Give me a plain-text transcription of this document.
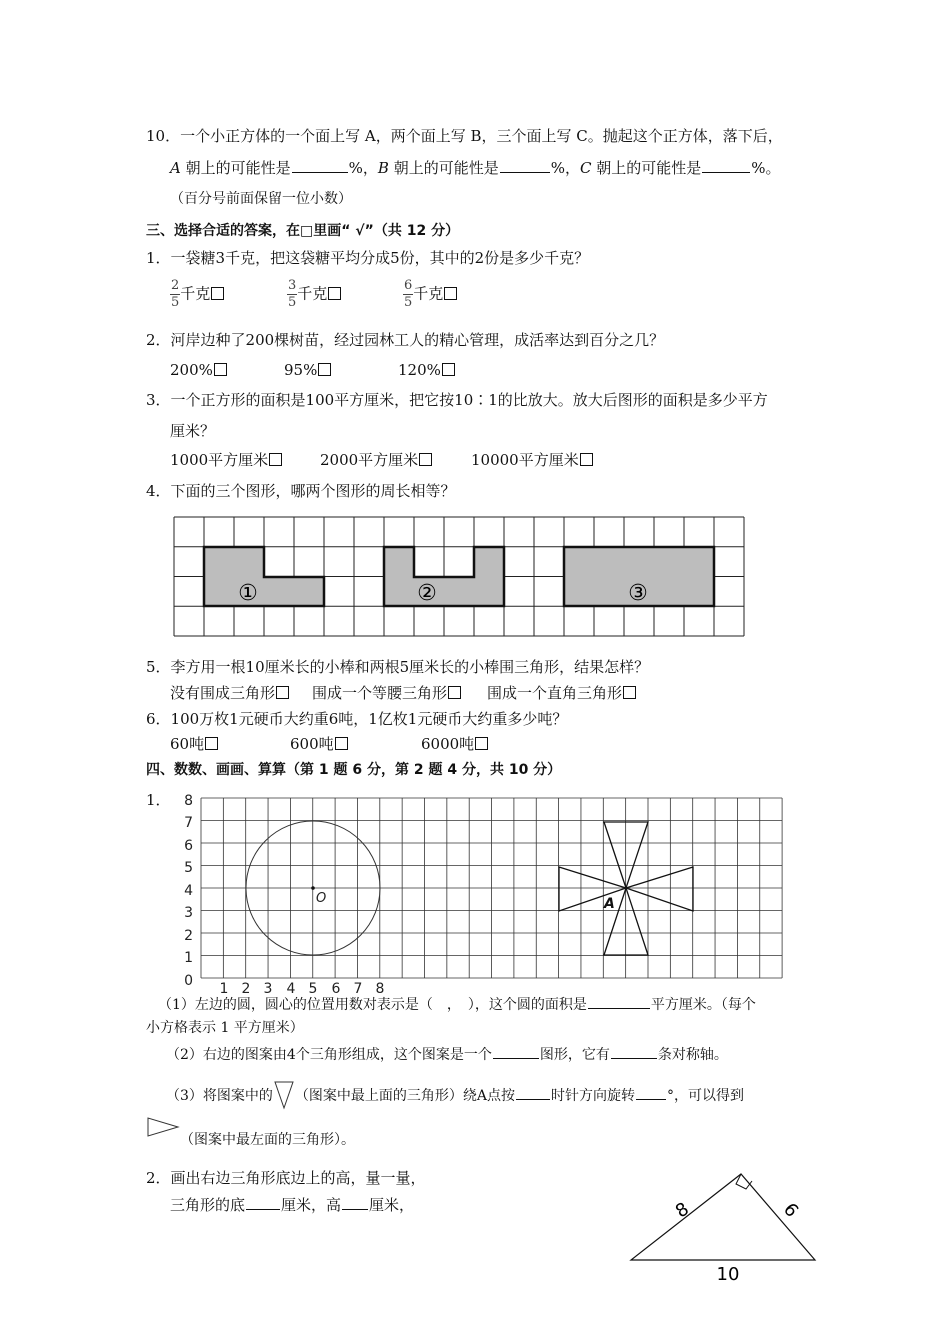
10．一个小正方体的一个面上写 A，两个面上写 B，三个面上写 C。抛起这个正方体，落下后，
A 朝上的可能性是	%，B 朝上的可能性是	%，C 朝上的可能性是	%。
（百分号前面保留一位小数）
三、选择合适的答案，在□里画“ √”（共 12 分）
1．一袋糖3千克，把这袋糖平均分成5份，其中的2份是多少千克？
$\frac{2}{5}$ 千克	$\frac{3}{5}$ 千克	$\frac{6}{5}$ 千克
2．河岸边种了200棵树苗，经过园林工人的精心管理，成活率达到百分之几？
200%	95%	120%
3．一个正方形的面积是100平方厘米，把它按10∶1的比放大。放大后图形的面积是多少平方
厘米？
1000平方厘米	2000平方厘米	10000平方厘米
4．下面的三个图形，哪两个图形的周长相等？
①	②	③
5．李方用一根10厘米长的小棒和两根5厘米长的小棒围三角形，结果怎样？
没有围成三角形	围成一个等腰三角形	围成一个直角三角形
6．100万枚1元硬币大约重6吨，1亿枚1元硬币大约重多少吨？
60吨	600吨	6000吨
四、数数、画画、算算（第 1 题 6 分，第 2 题 4 分，共 10 分）
1． 8
7
6
5
4
3
2
1
0 1 2 3 4 5 6 7 8
O	A
（1）左边的圆，圆心的位置用数对表示是（　，　），这个圆的面积是	平方厘米。（每个
小方格表示 1 平方厘米）
（2）右边的图案由4个三角形组成，这个图案是一个	图形，它有	条对称轴。
（3）将图案中的 （图案中最上面的三角形）绕A点按	时针方向旋转 °，可以得到
（图案中最左面的三角形）。
2．画出右边三角形底边上的高，量一量，
三角形的底 厘米，高 厘米，	8	6
10
